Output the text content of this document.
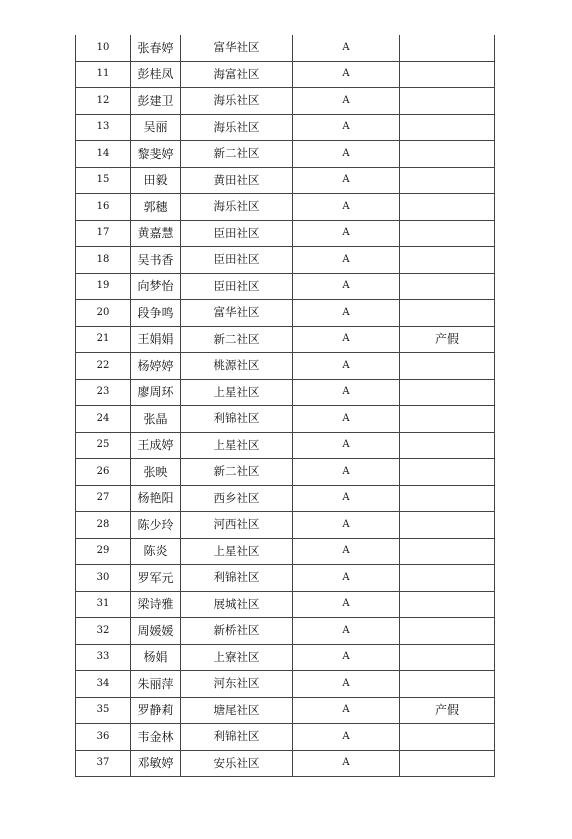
10	张春婷	富华社区	A	
11	彭桂凤	海富社区	A	
12	彭建卫	海乐社区	A	
13	吴丽	海乐社区	A	
14	黎斐婷	新二社区	A	
15	田毅	黄田社区	A	
16	郭穗	海乐社区	A	
17	黄嘉慧	臣田社区	A	
18	吴书香	臣田社区	A	
19	向梦怡	臣田社区	A	
20	段争鸣	富华社区	A	
21	王娟娟	新二社区	A	产假
22	杨婷婷	桃源社区	A	
23	廖周环	上星社区	A	
24	张晶	利锦社区	A	
25	王成婷	上星社区	A	
26	张映	新二社区	A	
27	杨艳阳	西乡社区	A	
28	陈少玲	河西社区	A	
29	陈炎	上星社区	A	
30	罗军元	利锦社区	A	
31	梁诗雅	展城社区	A	
32	周媛媛	新桥社区	A	
33	杨娟	上寮社区	A	
34	朱丽萍	河东社区	A	
35	罗静莉	塘尾社区	A	产假
36	韦金林	利锦社区	A	
37	邓敏婷	安乐社区	A	
